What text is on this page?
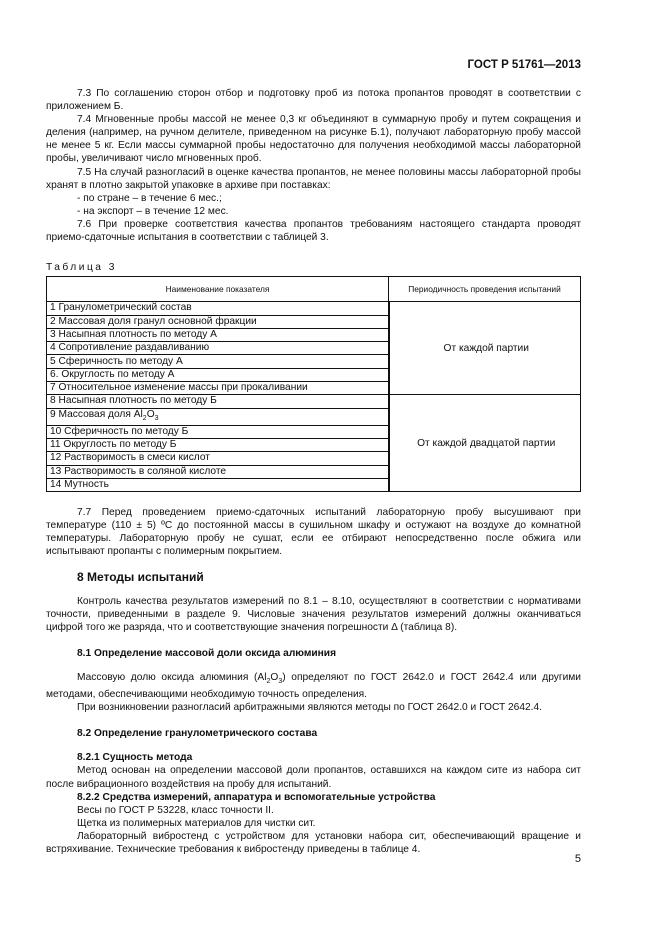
ГОСТ Р 51761—2013

7.3 По соглашению сторон отбор и подготовку проб из потока пропантов проводят в соответствии с приложением Б.

7.4 Мгновенные пробы массой не менее 0,3 кг объединяют в суммарную пробу и путем сокращения и деления (например, на ручном делителе, приведенном на рисунке Б.1), получают лабораторную пробу массой не менее 5 кг. Если массы суммарной пробы недостаточно для получения необходимой массы лабораторной пробы, увеличивают число мгновенных проб.

7.5 На случай разногласий в оценке качества пропантов, не менее половины массы лабораторной пробы хранят в плотно закрытой упаковке в архиве при поставках:

- по стране – в течение 6 мес.;

- на экспорт – в течение 12 мес.

7.6 При проверке соответствия качества пропантов требованиям настоящего стандарта проводят приемо-сдаточные испытания в соответствии с таблицей 3.

Таблица 3
Наименование показателя	Периодичность проведения испытаний
1 Гранулометрический состав	От каждой партии
2 Массовая доля гранул основной фракции	
3 Насыпная плотность по методу А	
4 Сопротивление раздавливанию	
5 Сферичность по методу А	
6. Округлость по методу А	
7 Относительное изменение массы при прокаливании	
8 Насыпная плотность по методу Б	От каждой двадцатой партии
9 Массовая доля $Al_2O_3$
10 Сферичность по методу Б	
11 Округлость по методу Б	
12 Растворимость в смеси кислот	
13 Растворимость в соляной кислоте	
14 Мутность	

7.7 Перед проведением приемо-сдаточных испытаний лабораторную пробу высушивают при температуре (110 ± 5) ºС до постоянной массы в сушильном шкафу и остужают на воздухе до комнатной температуры. Лабораторную пробу не сушат, если ее отбирают непосредственно после обжига или испытывают пропанты с полимерным покрытием.

8 Методы испытаний

Контроль качества результатов измерений по 8.1 – 8.10, осуществляют в соответствии с нормативами точности, приведенными в разделе 9. Числовые значения результатов измерений должны оканчиваться цифрой того же разряда, что и соответствующие значения погрешности Δ (таблица 8).

8.1 Определение массовой доли оксида алюминия

Массовую долю оксида алюминия $(Al_2O_3)$ определяют по ГОСТ 2642.0 и ГОСТ 2642.4 или другими методами, обеспечивающими необходимую точность определения.

При возникновении разногласий арбитражными являются методы по ГОСТ 2642.0 и ГОСТ 2642.4.

8.2 Определение гранулометрического состава
8.2.1 Сущность метода

Метод основан на определении массовой доли пропантов, оставшихся на каждом сите из набора сит после вибрационного воздействия на пробу для испытаний.

8.2.2 Средства измерений, аппаратура и вспомогательные устройства

Весы по ГОСТ Р 53228, класс точности II.

Щетка из полимерных материалов для чистки сит.

Лабораторный вибростенд с устройством для установки набора сит, обеспечивающий вращение и встряхивание. Технические требования к вибростенду приведены в таблице 4.

5
